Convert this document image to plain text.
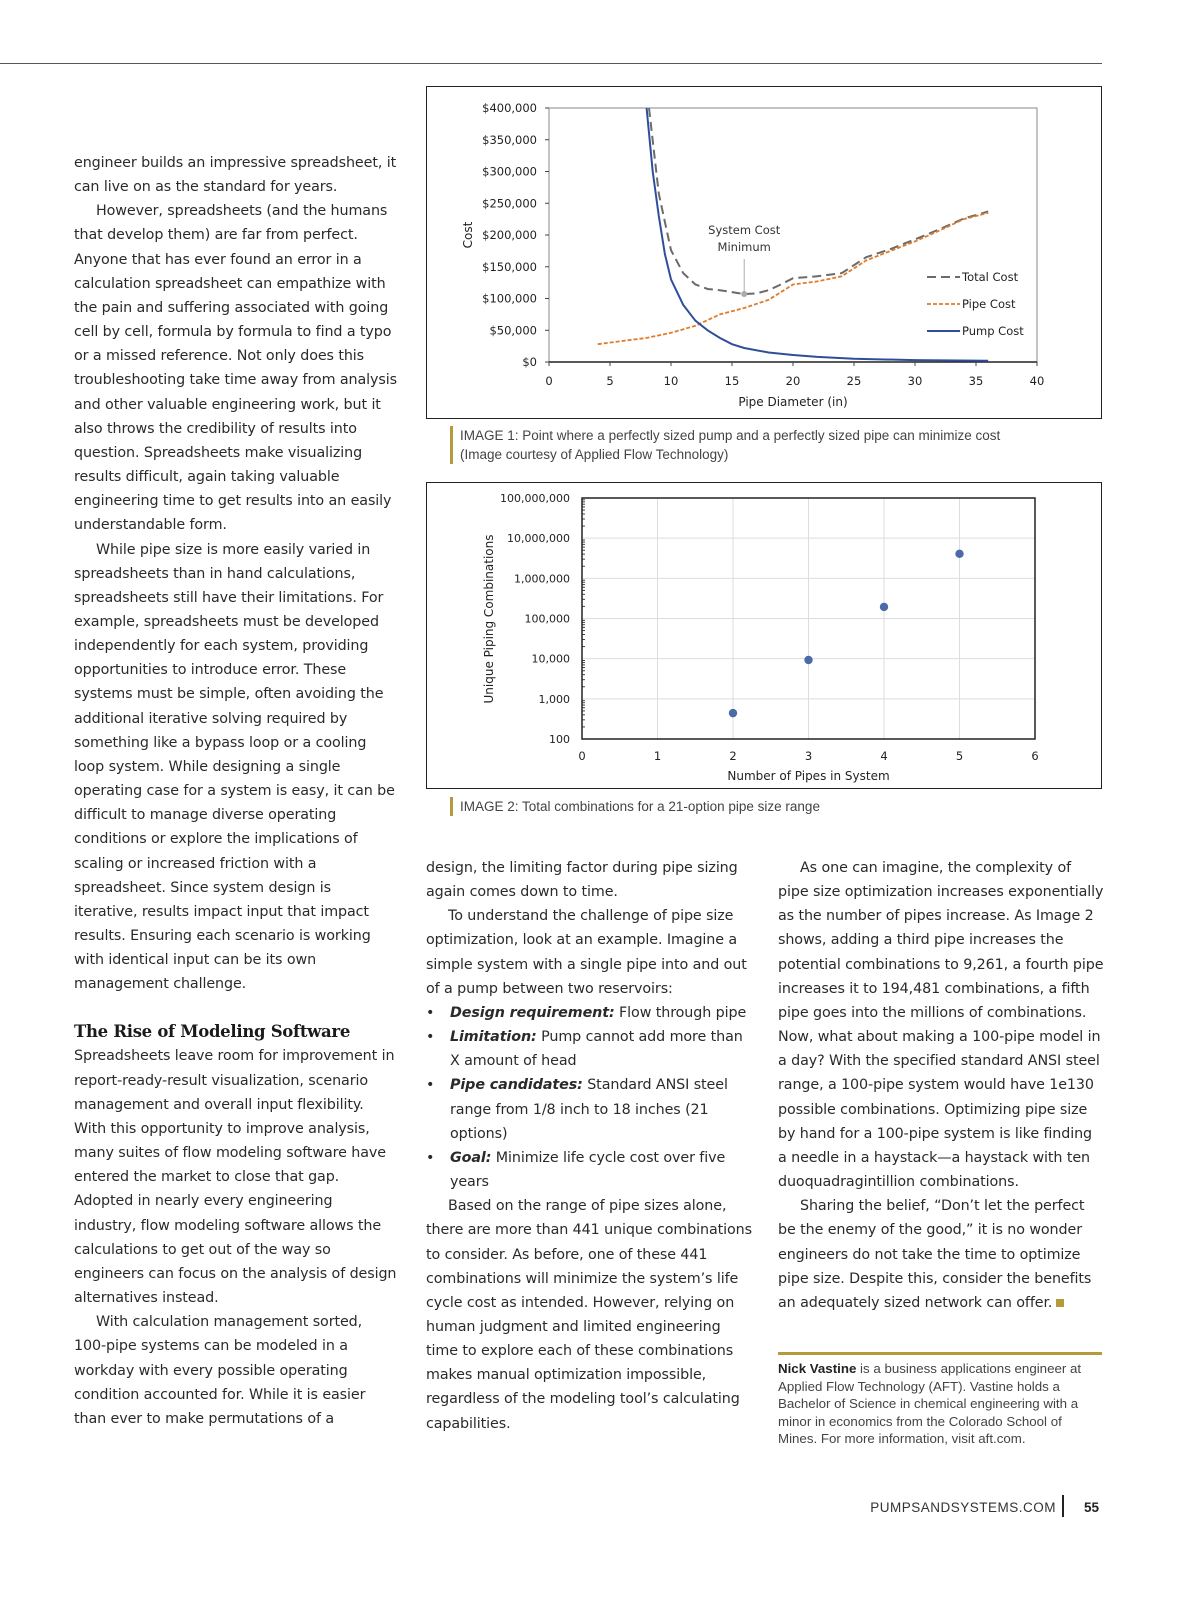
engineer builds an impressive spreadsheet, it can live on as the standard for years.

However, spreadsheets (and the humans that develop them) are far from perfect. Anyone that has ever found an error in a calculation spreadsheet can empathize with the pain and suffering associated with going cell by cell, formula by formula to find a typo or a missed reference. Not only does this troubleshooting take time away from analysis and other valuable engineering work, but it also throws the credibility of results into question. Spreadsheets make visualizing results difficult, again taking valuable engineering time to get results into an easily understandable form.

While pipe size is more easily varied in spreadsheets than in hand calculations, spreadsheets still have their limitations. For example, spreadsheets must be developed independently for each system, providing opportunities to introduce error. These systems must be simple, often avoiding the additional iterative solving required by something like a bypass loop or a cooling loop system. While designing a single operating case for a system is easy, it can be difficult to manage diverse operating conditions or explore the implications of scaling or increased friction with a spreadsheet. Since system design is iterative, results impact input that impact results. Ensuring each scenario is working with identical input can be its own management challenge.

The Rise of Modeling Software

Spreadsheets leave room for improvement in report-ready-result visualization, scenario management and overall input flexibility. With this opportunity to improve analysis, many suites of flow modeling software have entered the market to close that gap. Adopted in nearly every engineering industry, flow modeling software allows the calculations to get out of the way so engineers can focus on the analysis of design alternatives instead.

With calculation management sorted, 100-pipe systems can be modeled in a workday with every possible operating condition accounted for. While it is easier than ever to make permutations of a

$0
$50,000
$100,000
$150,000
$200,000
$250,000
$300,000
$350,000
$400,000
0	5	10	15	20	25	30	35	40
Pipe Diameter (in)
Cost	System Cost
Minimum
Total Cost
Pipe Cost
Pump Cost
IMAGE 1: Point where a perfectly sized pump and a perfectly sized pipe can minimize cost (Image courtesy of Applied Flow Technology)
0	1	2	3	4	5	6
100
1,000
10,000
100,000
1,000,000
10,000,000
100,000,000
Number of Pipes in System
Unique Piping Combinations
IMAGE 2: Total combinations for a 21-option pipe size range

design, the limiting factor during pipe sizing again comes down to time.

To understand the challenge of pipe size optimization, look at an example. Imagine a simple system with a single pipe into and out of a pump between two reservoirs:

• Design requirement: Flow through pipe
• Limitation: Pump cannot add more than X amount of head
• Pipe candidates: Standard ANSI steel range from 1/8 inch to 18 inches (21 options)
• Goal: Minimize life cycle cost over five years

Based on the range of pipe sizes alone, there are more than 441 unique combinations to consider. As before, one of these 441 combinations will minimize the system’s life cycle cost as intended. However, relying on human judgment and limited engineering time to explore each of these combinations makes manual optimization impossible, regardless of the modeling tool’s calculating capabilities.

As one can imagine, the complexity of pipe size optimization increases exponentially as the number of pipes increase. As Image 2 shows, adding a third pipe increases the potential combinations to 9,261, a fourth pipe increases it to 194,481 combinations, a fifth pipe goes into the millions of combinations. Now, what about making a 100-pipe model in a day? With the specified standard ANSI steel range, a 100-pipe system would have 1e130 possible combinations. Optimizing pipe size by hand for a 100-pipe system is like finding a needle in a haystack—a haystack with ten duoquadragintillion combinations.

Sharing the belief, “Don’t let the perfect be the enemy of the good,” it is no wonder engineers do not take the time to optimize pipe size. Despite this, consider the benefits an adequately sized network can offer.

Nick Vastine is a business applications engineer at Applied Flow Technology (AFT). Vastine holds a Bachelor of Science in chemical engineering with a minor in economics from the Colorado School of Mines. For more information, visit aft.com.
PUMPSANDSYSTEMS.COM 55
